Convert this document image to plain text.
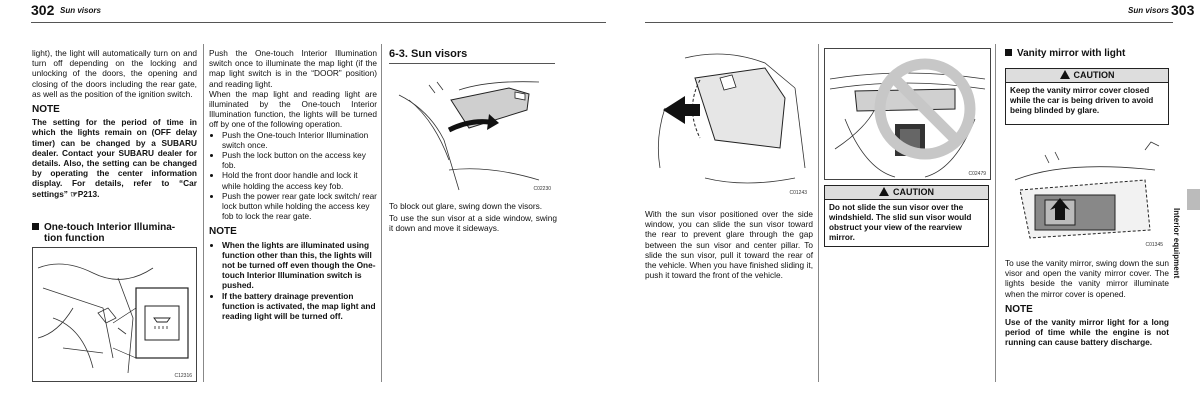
302 Sun visors	Sun visors 303

light), the light will automatically turn on and turn off depending on the locking and unlocking of the doors, the opening and closing of the doors including the rear gate, as well as the position of the ignition switch.

NOTE

The setting for the period of time in which the lights remain on (OFF delay timer) can be changed by a SUBARU dealer. Contact your SUBARU dealer for details. Also, the setting can be changed by operating the center information display. For details, refer to “Car settings” ☞P213.

One-touch Interior Illumina-
tion function
C12316

Push the One-touch Interior Illumination switch once to illuminate the map light (if the map light switch is in the “DOOR” position) and reading light.

When the map light and reading light are illuminated by the One-touch Interior Illumination function, the lights will be turned off by one of the following operation.

• Push the One-touch Interior Illumination switch once.
• Push the lock button on the access key fob.
• Hold the front door handle and lock it while holding the access key fob.
• Push the power rear gate lock switch/ rear lock button while holding the access key fob to lock the rear gate.
NOTE
• When the lights are illuminated using function other than this, the lights will not be turned off even though the One-touch Interior Illumination switch is pushed.
• If the battery drainage prevention function is activated, the map light and reading light will be turned off.
6-3. Sun visors
C02230

To block out glare, swing down the visors.

To use the sun visor at a side window, swing it down and move it sideways.

C01243

With the sun visor positioned over the side window, you can slide the sun visor toward the rear to prevent glare through the gap between the sun visor and center pillar. To slide the sun visor, pull it toward the rear of the vehicle. When you have finished sliding it, push it toward the front of the vehicle.

C02479
CAUTION
Do not slide the sun visor over the windshield. The slid sun visor would obstruct your view of the rearview mirror.
Vanity mirror with light
CAUTION
Keep the vanity mirror cover closed while the car is being driven to avoid being blinded by glare.
C01345

To use the vanity mirror, swing down the sun visor and open the vanity mirror cover. The lights beside the vanity mirror illuminate when the mirror cover is opened.

NOTE

Use of the vanity mirror light for a long period of time while the engine is not running can cause battery discharge.

Interior equipment
